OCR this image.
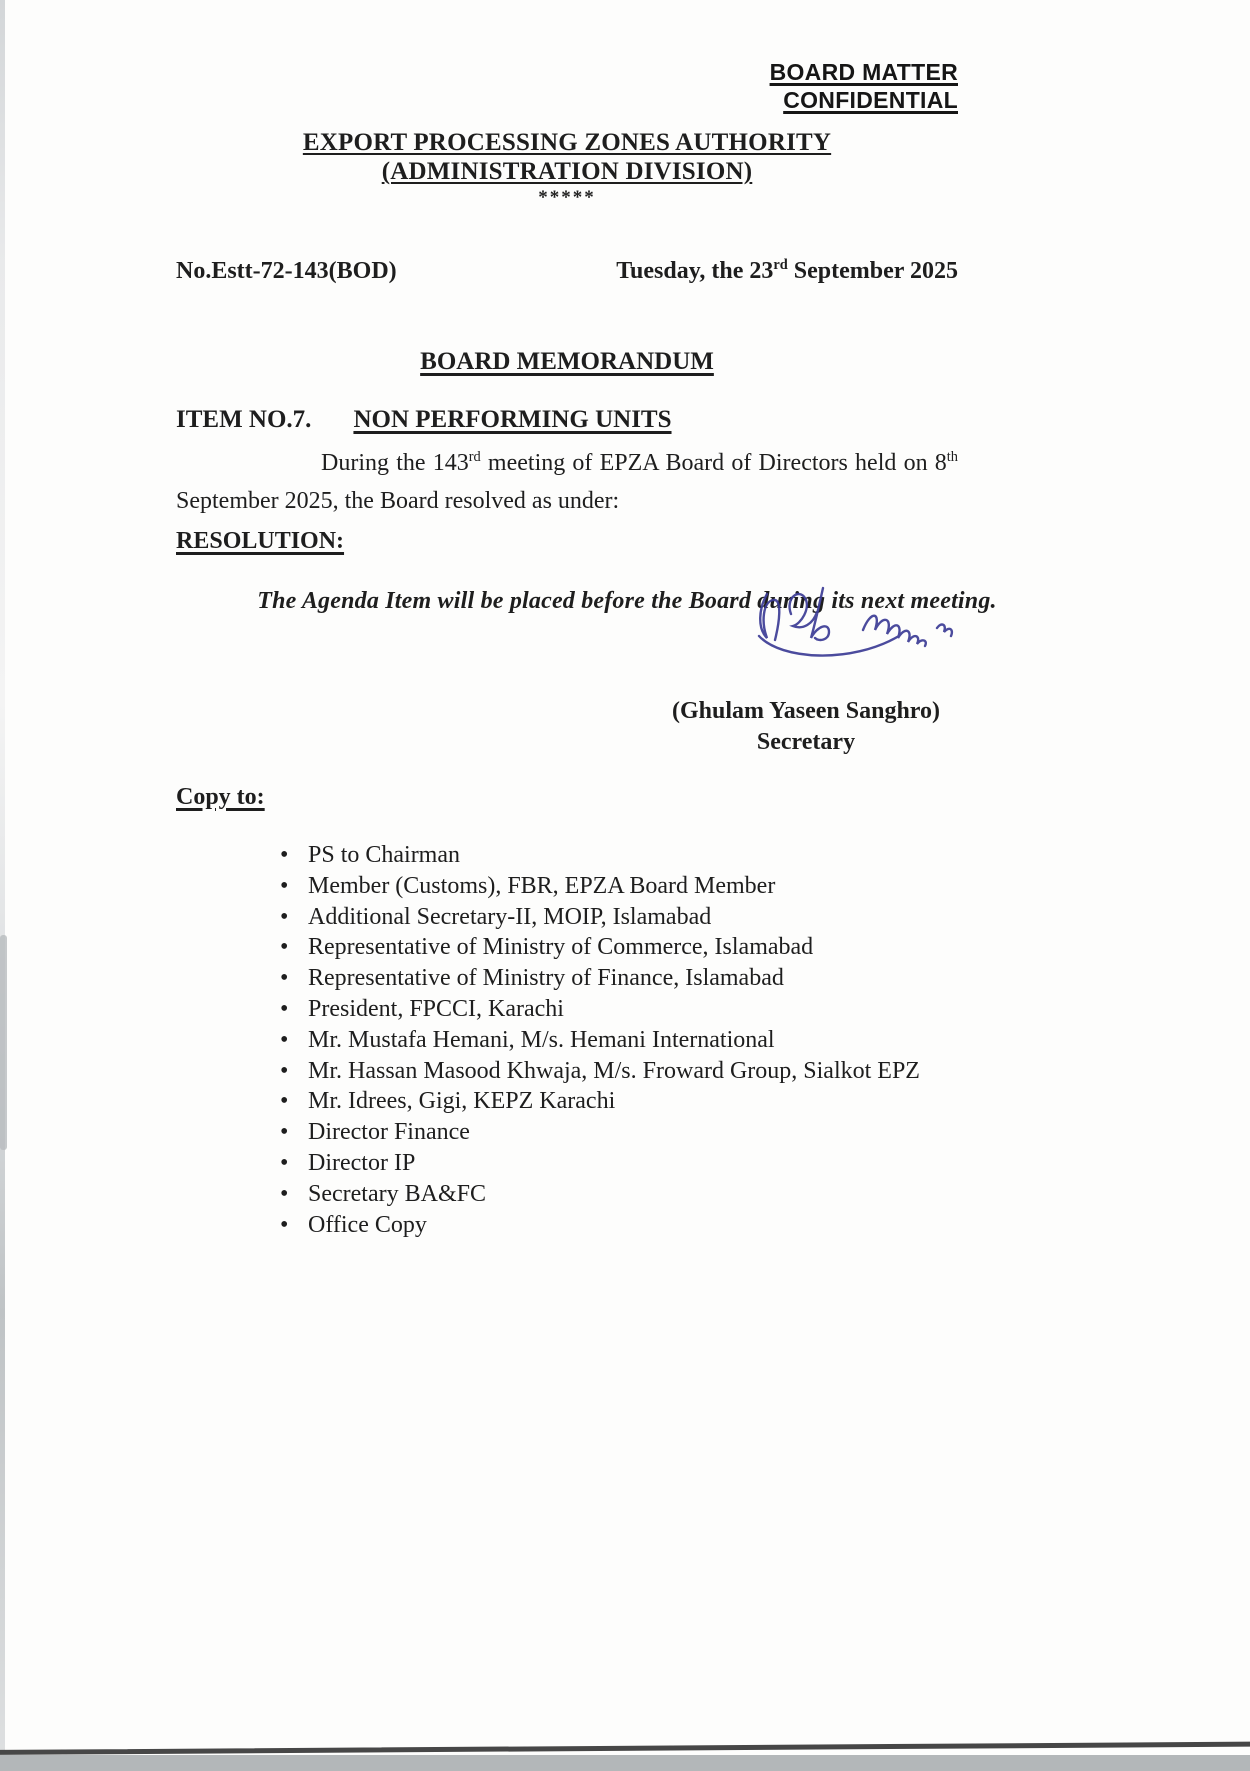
BOARD MATTER
CONFIDENTIAL
EXPORT PROCESSING ZONES AUTHORITY
(ADMINISTRATION DIVISION)
*****
No.Estt-72-143(BOD)	Tuesday, the 23rd September 2025
BOARD MEMORANDUM
ITEM NO.7. NON PERFORMING UNITS

During the 143rd meeting of EPZA Board of Directors held on 8th September 2025, the Board resolved as under:

RESOLUTION:
The Agenda Item will be placed before the Board during its next meeting.
(Ghulam Yaseen Sanghro)
Secretary
Copy to:
• PS to Chairman
• Member (Customs), FBR, EPZA Board Member
• Additional Secretary-II, MOIP, Islamabad
• Representative of Ministry of Commerce, Islamabad
• Representative of Ministry of Finance, Islamabad
• President, FPCCI, Karachi
• Mr. Mustafa Hemani, M/s. Hemani International
• Mr. Hassan Masood Khwaja, M/s. Froward Group, Sialkot EPZ
• Mr. Idrees, Gigi, KEPZ Karachi
• Director Finance
• Director IP
• Secretary BA&FC
• Office Copy
